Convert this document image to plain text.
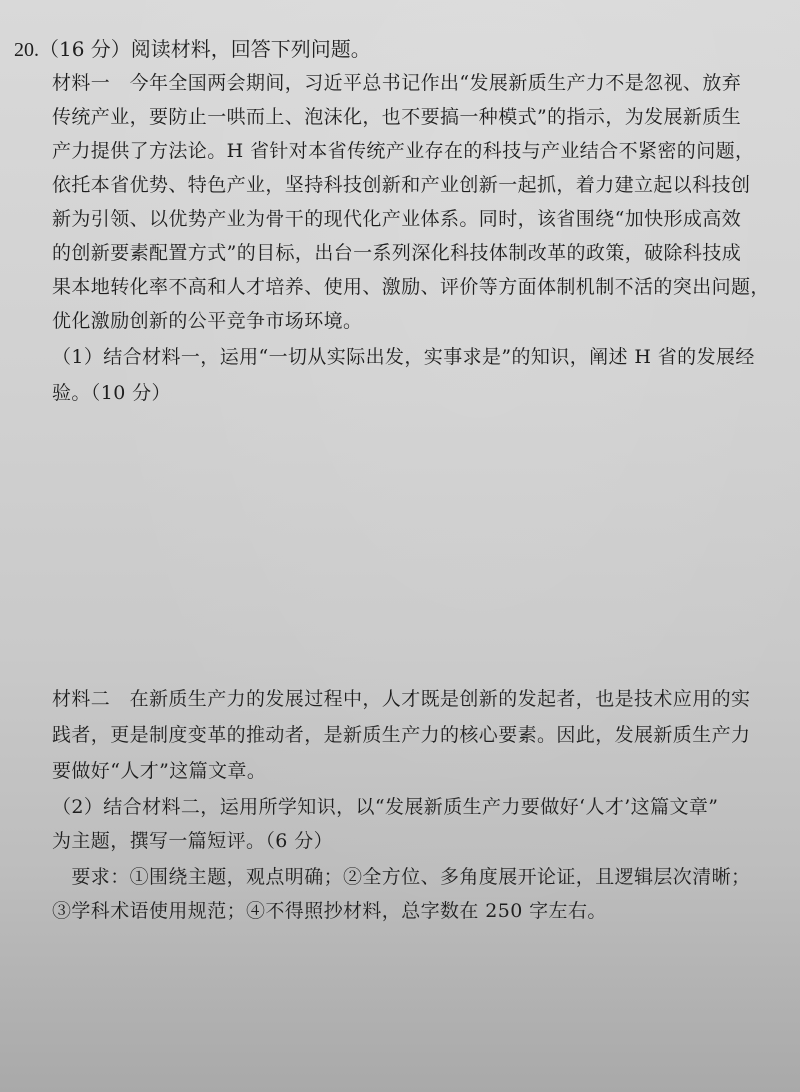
20.（16 分）阅读材料，回答下列问题。
材料一　今年全国两会期间，习近平总书记作出“发展新质生产力不是忽视、放弃
传统产业，要防止一哄而上、泡沫化，也不要搞一种模式”的指示，为发展新质生
产力提供了方法论。H 省针对本省传统产业存在的科技与产业结合不紧密的问题，
依托本省优势、特色产业，坚持科技创新和产业创新一起抓，着力建立起以科技创
新为引领、以优势产业为骨干的现代化产业体系。同时，该省围绕“加快形成高效
的创新要素配置方式”的目标，出台一系列深化科技体制改革的政策，破除科技成
果本地转化率不高和人才培养、使用、激励、评价等方面体制机制不活的突出问题，
优化激励创新的公平竞争市场环境。
（1）结合材料一，运用“一切从实际出发，实事求是”的知识，阐述 H 省的发展经
验。（10 分）
材料二　在新质生产力的发展过程中，人才既是创新的发起者，也是技术应用的实
践者，更是制度变革的推动者，是新质生产力的核心要素。因此，发展新质生产力
要做好“人才”这篇文章。
（2）结合材料二，运用所学知识，以“发展新质生产力要做好‘人才’这篇文章”
为主题，撰写一篇短评。（6 分）
　要求：①围绕主题，观点明确；②全方位、多角度展开论证，且逻辑层次清晰；
③学科术语使用规范；④不得照抄材料，总字数在 250 字左右。
